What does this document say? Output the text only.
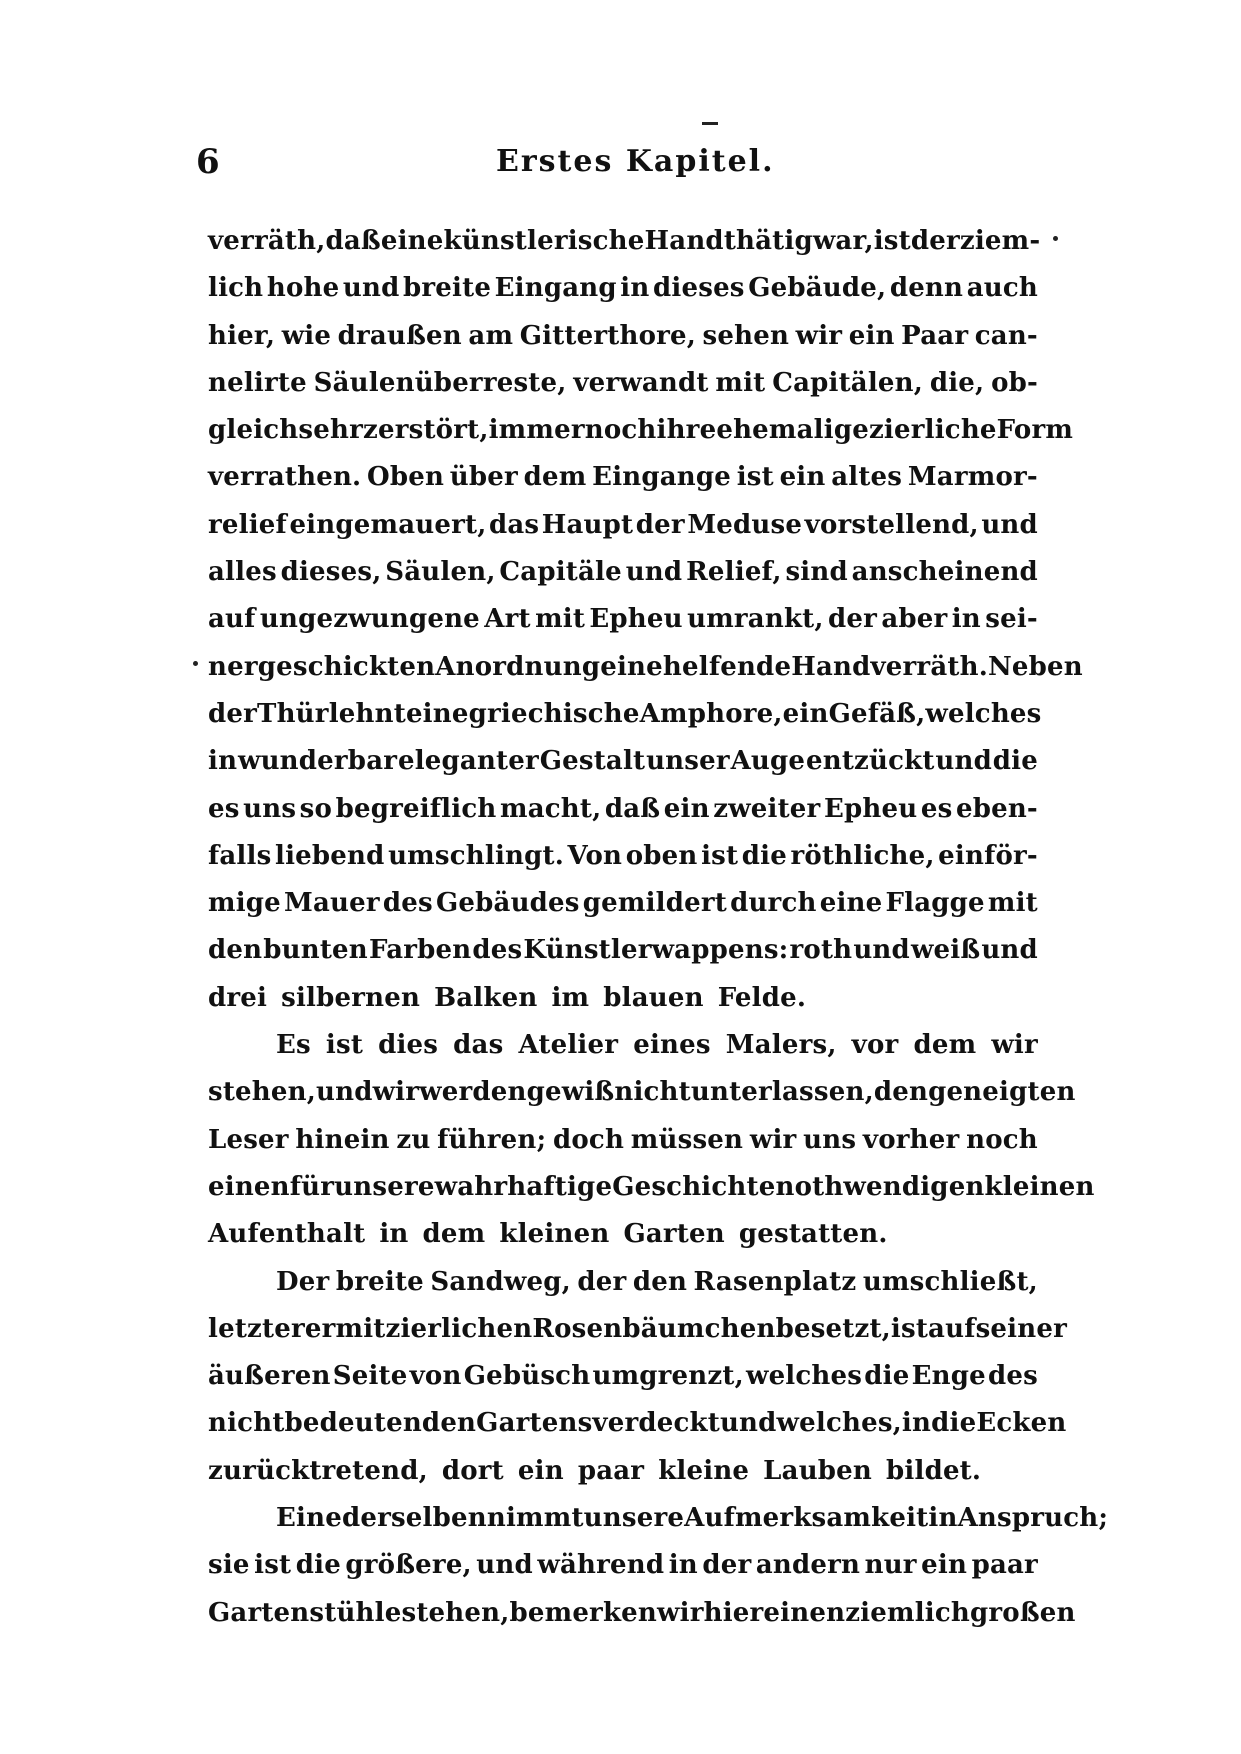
6	Erstes Kapitel.
verräth, daß eine künstlerische Hand thätig war, ist der ziem-
lich hohe und breite Eingang in dieses Gebäude, denn auch
hier, wie draußen am Gitterthore, sehen wir ein Paar can-
nelirte Säulenüberreste, verwandt mit Capitälen, die, ob-
gleich sehr zerstört, immer noch ihre ehemalige zierliche Form
verrathen. Oben über dem Eingange ist ein altes Marmor-
relief eingemauert, das Haupt der Meduse vorstellend, und
alles dieses, Säulen, Capitäle und Relief, sind anscheinend
auf ungezwungene Art mit Epheu umrankt, der aber in sei-
ner geschickten Anordnung eine helfende Hand verräth. Neben
der Thür lehnt eine griechische Amphore, ein Gefäß, welches
in wunderbar eleganter Gestalt unser Auge entzückt und die
es uns so begreiflich macht, daß ein zweiter Epheu es eben-
falls liebend umschlingt. Von oben ist die röthliche, einför-
mige Mauer des Gebäudes gemildert durch eine Flagge mit
den bunten Farben des Künstlerwappens: roth und weiß und
drei silbernen Balken im blauen Felde.
Es ist dies das Atelier eines Malers, vor dem wir
stehen, und wir werden gewiß nicht unterlassen, den geneigten
Leser hinein zu führen; doch müssen wir uns vorher noch
einen für unsere wahrhaftige Geschichte nothwendigen kleinen
Aufenthalt in dem kleinen Garten gestatten.
Der breite Sandweg, der den Rasenplatz umschließt,
letzterer mit zierlichen Rosenbäumchen besetzt, ist auf seiner
äußeren Seite von Gebüsch umgrenzt, welches die Enge des
nicht bedeutenden Gartens verdeckt und welches, in die Ecken
zurücktretend, dort ein paar kleine Lauben bildet.
Eine derselben nimmt unsere Aufmerksamkeit in Anspruch;
sie ist die größere, und während in der andern nur ein paar
Gartenstühle stehen, bemerken wir hier einen ziemlich großen
